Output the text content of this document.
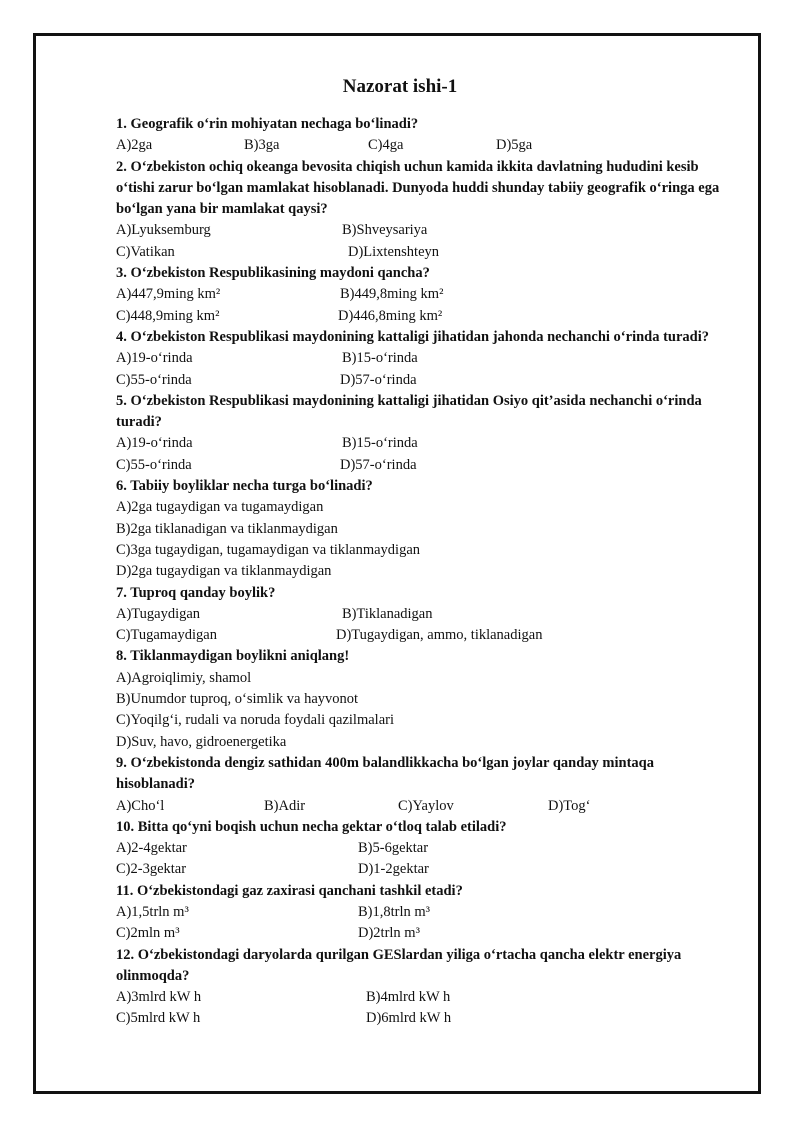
Nazorat ishi-1
1. Geografik o‘rin mohiyatan nechaga bo‘linadi?
A)2ga	B)3ga	C)4ga	D)5ga
2. O‘zbekiston ochiq okeanga bevosita chiqish uchun kamida ikkita davlatning hududini kesib o‘tishi zarur bo‘lgan mamlakat hisoblanadi. Dunyoda huddi shunday tabiiy geografik o‘ringa ega bo‘lgan yana bir mamlakat qaysi?
A)Lyuksemburg	B)Shveysariya
C)Vatikan	D)Lixtenshteyn
3. O‘zbekiston Respublikasining maydoni qancha?
A)447,9ming km²	B)449,8ming km²
C)448,9ming km²	D)446,8ming km²
4. O‘zbekiston Respublikasi maydonining kattaligi jihatidan jahonda nechanchi o‘rinda turadi?
A)19-o‘rinda	B)15-o‘rinda
C)55-o‘rinda	D)57-o‘rinda
5. O‘zbekiston Respublikasi maydonining kattaligi jihatidan Osiyo qit’asida nechanchi o‘rinda turadi?
A)19-o‘rinda	B)15-o‘rinda
C)55-o‘rinda	D)57-o‘rinda
6. Tabiiy boyliklar necha turga bo‘linadi?
A)2ga tugaydigan va tugamaydigan
B)2ga tiklanadigan va tiklanmaydigan
C)3ga tugaydigan, tugamaydigan va tiklanmaydigan
D)2ga tugaydigan va tiklanmaydigan
7. Tuproq qanday boylik?
A)Tugaydigan	B)Tiklanadigan
C)Tugamaydigan	D)Tugaydigan, ammo, tiklanadigan
8. Tiklanmaydigan boylikni aniqlang!
A)Agroiqlimiy, shamol
B)Unumdor tuproq, o‘simlik va hayvonot
C)Yoqilg‘i, rudali va noruda foydali qazilmalari
D)Suv, havo, gidroenergetika
9. O‘zbekistonda dengiz sathidan 400m balandlikkacha bo‘lgan joylar qanday mintaqa hisoblanadi?
A)Cho‘l	B)Adir	C)Yaylov	D)Tog‘
10. Bitta qo‘yni boqish uchun necha gektar o‘tloq talab etiladi?
A)2-4gektar	B)5-6gektar
C)2-3gektar	D)1-2gektar
11. O‘zbekistondagi gaz zaxirasi qanchani tashkil etadi?
A)1,5trln m³	B)1,8trln m³
C)2mln m³	D)2trln m³
12. O‘zbekistondagi daryolarda qurilgan GESlardan yiliga o‘rtacha qancha elektr energiya olinmoqda?
A)3mlrd kW h	B)4mlrd kW h
C)5mlrd kW h	D)6mlrd kW h
